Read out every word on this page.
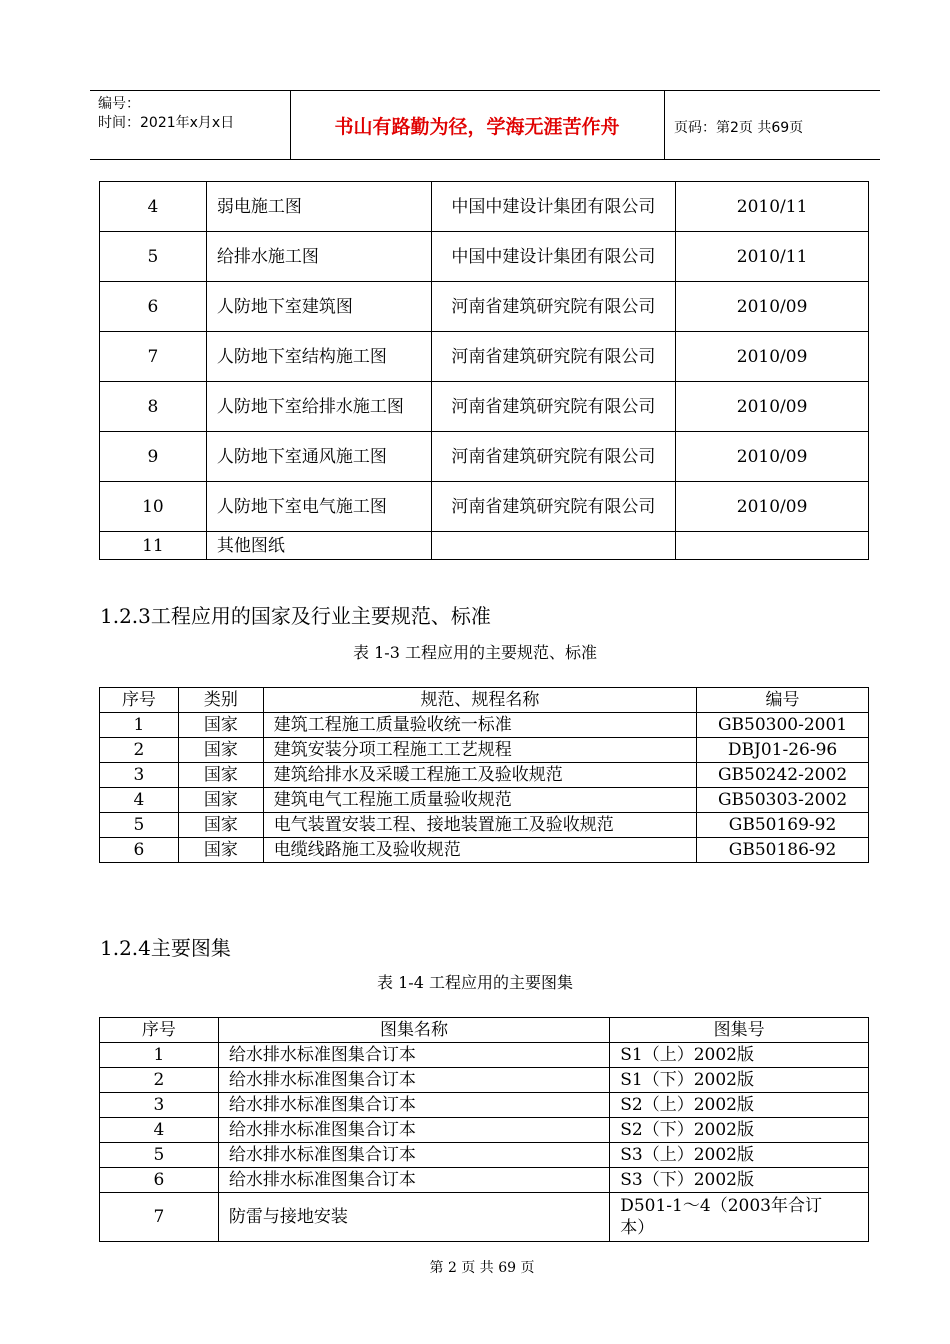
编号：
时间：2021年x月x日	书山有路勤为径，学海无涯苦作舟	页码：第2页 共69页
4	弱电施工图	中国中建设计集团有限公司	2010/11
5	给排水施工图	中国中建设计集团有限公司	2010/11
6	人防地下室建筑图	河南省建筑研究院有限公司	2010/09
7	人防地下室结构施工图	河南省建筑研究院有限公司	2010/09
8	人防地下室给排水施工图	河南省建筑研究院有限公司	2010/09
9	人防地下室通风施工图	河南省建筑研究院有限公司	2010/09
10	人防地下室电气施工图	河南省建筑研究院有限公司	2010/09
11	其他图纸		
1.2.3工程应用的国家及行业主要规范、标准
表 1-3 工程应用的主要规范、标准
序号	类别	规范、规程名称	编号
1	国家	建筑工程施工质量验收统一标准	GB50300-2001
2	国家	建筑安装分项工程施工工艺规程	DBJ01-26-96
3	国家	建筑给排水及采暖工程施工及验收规范	GB50242-2002
4	国家	建筑电气工程施工质量验收规范	GB50303-2002
5	国家	电气装置安装工程、接地装置施工及验收规范	GB50169-92
6	国家	电缆线路施工及验收规范	GB50186-92
1.2.4主要图集
表 1-4 工程应用的主要图集
序号	图集名称	图集号
1	给水排水标准图集合订本	S1（上）2002版
2	给水排水标准图集合订本	S1（下）2002版
3	给水排水标准图集合订本	S2（上）2002版
4	给水排水标准图集合订本	S2（下）2002版
5	给水排水标准图集合订本	S3（上）2002版
6	给水排水标准图集合订本	S3（下）2002版
7	防雷与接地安装	D501-1～4（2003年合订本）
第 2 页 共 69 页
